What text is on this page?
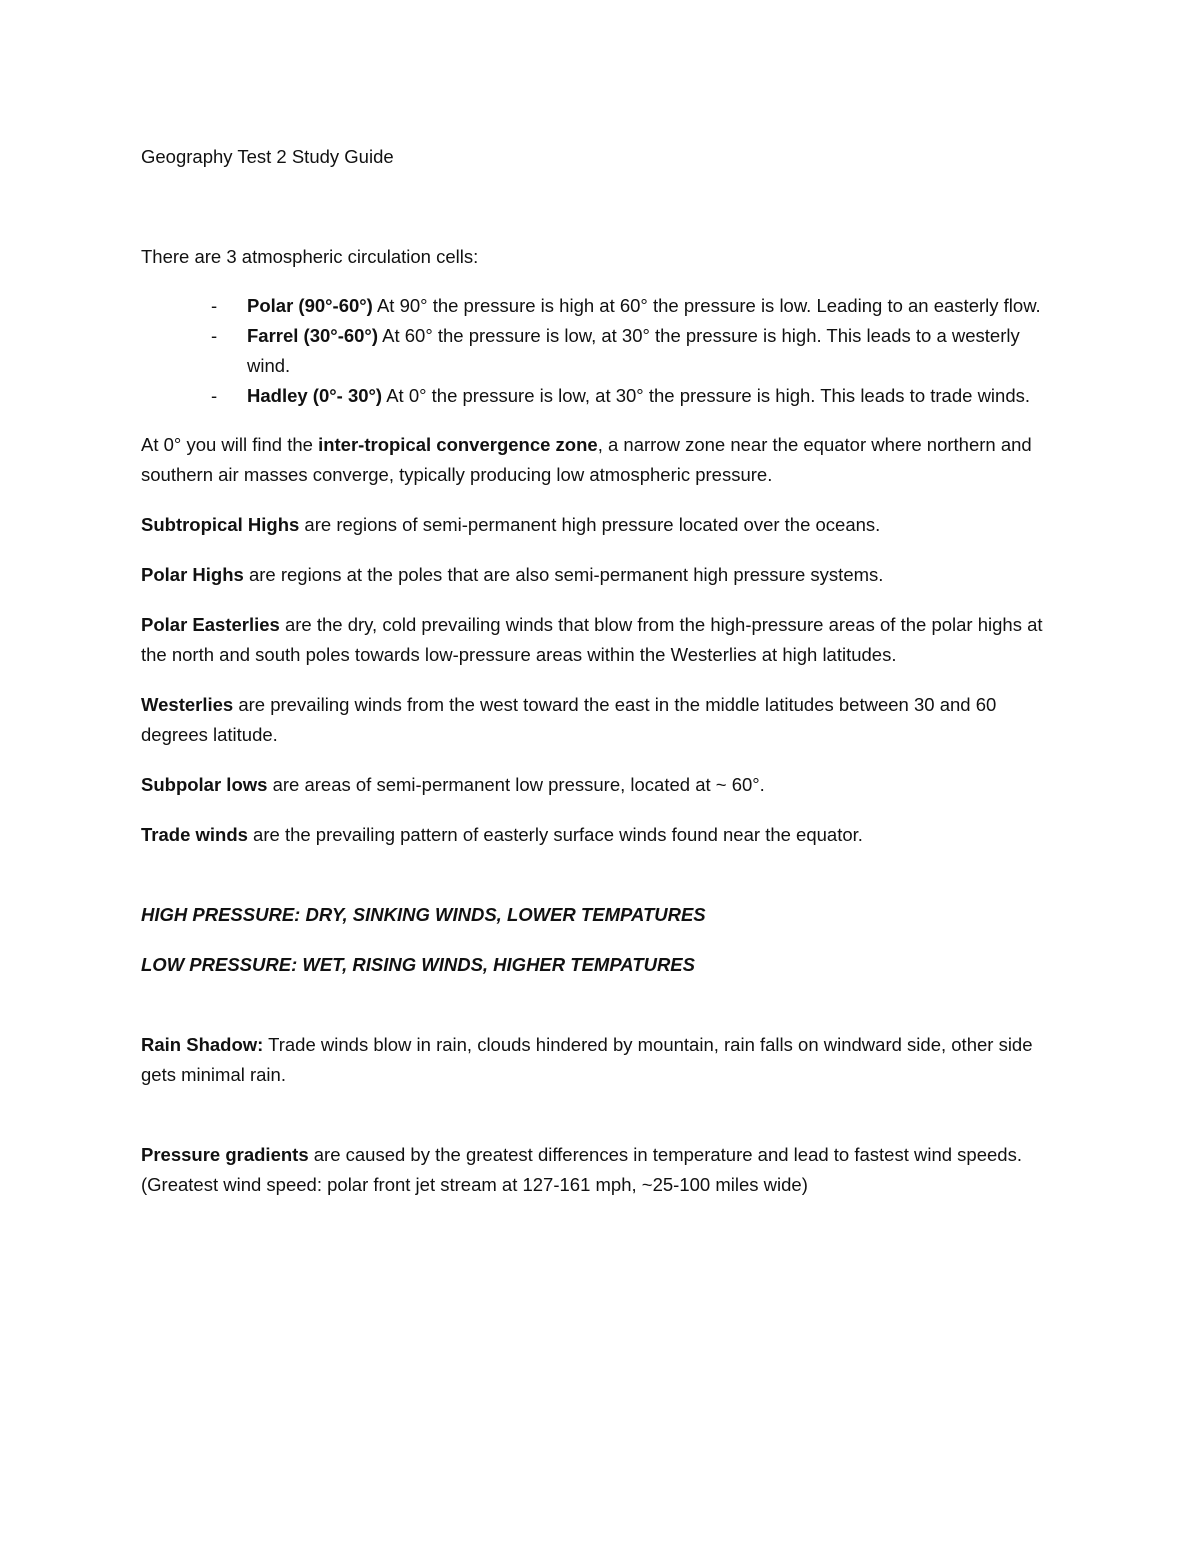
Geography Test 2 Study Guide

There are 3 atmospheric circulation cells:

- Polar (90°-60°) At 90° the pressure is high at 60° the pressure is low. Leading to an easterly flow.
- Farrel (30°-60°) At 60° the pressure is low, at 30° the pressure is high. This leads to a westerly wind.
- Hadley (0°- 30°) At 0° the pressure is low, at 30° the pressure is high. This leads to trade winds.

At 0° you will find the inter-tropical convergence zone, a narrow zone near the equator where northern and southern air masses converge, typically producing low atmospheric pressure.

Subtropical Highs are regions of semi-permanent high pressure located over the oceans.

Polar Highs are regions at the poles that are also semi-permanent high pressure systems.

Polar Easterlies are the dry, cold prevailing winds that blow from the high-pressure areas of the polar highs at the north and south poles towards low-pressure areas within the Westerlies at high latitudes.

Westerlies are prevailing winds from the west toward the east in the middle latitudes between 30 and 60 degrees latitude.

Subpolar lows are areas of semi-permanent low pressure, located at ~ 60°.

Trade winds are the prevailing pattern of easterly surface winds found near the equator.

HIGH PRESSURE: DRY, SINKING WINDS, LOWER TEMPATURES

LOW PRESSURE: WET, RISING WINDS, HIGHER TEMPATURES

Rain Shadow: Trade winds blow in rain, clouds hindered by mountain, rain falls on windward side, other side gets minimal rain.

Pressure gradients are caused by the greatest differences in temperature and lead to fastest wind speeds. (Greatest wind speed: polar front jet stream at 127-161 mph, ~25-100 miles wide)
